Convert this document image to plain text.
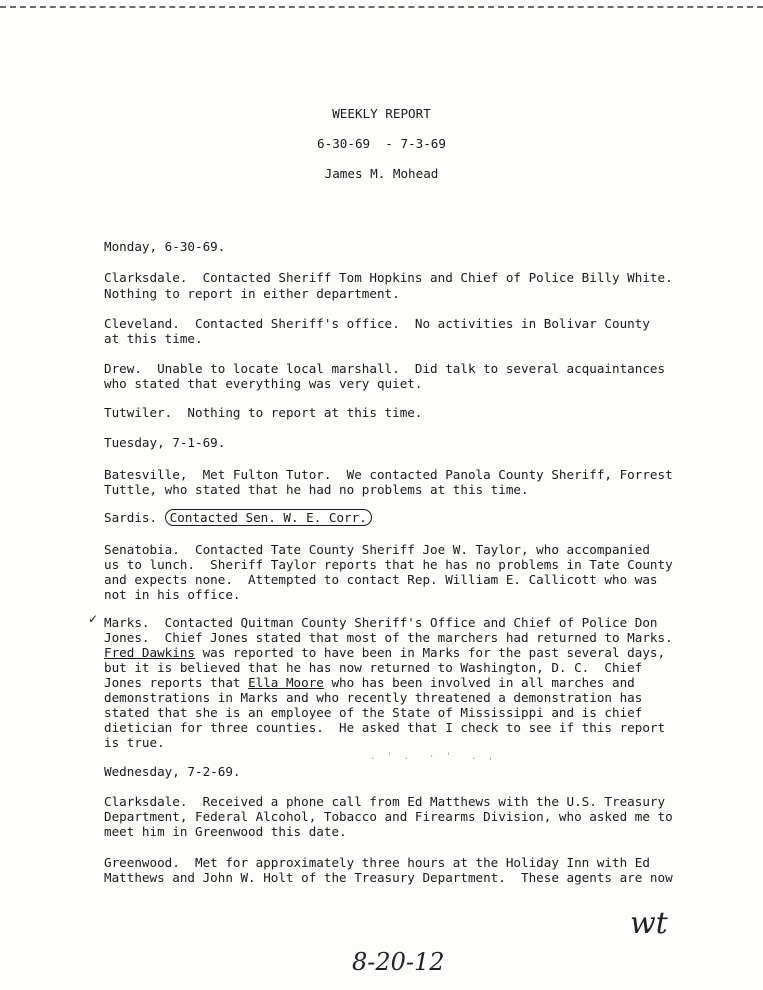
WEEKLY REPORT
6-30-69  - 7-3-69
James M. Mohead
Monday, 6-30-69.
Clarksdale.  Contacted Sheriff Tom Hopkins and Chief of Police Billy White.
Nothing to report in either department.
Cleveland.  Contacted Sheriff's office.  No activities in Bolivar County
at this time.
Drew.  Unable to locate local marshall.  Did talk to several acquaintances
who stated that everything was very quiet.
Tutwiler.  Nothing to report at this time.
Tuesday, 7-1-69.
Batesville,  Met Fulton Tutor.  We contacted Panola County Sheriff, Forrest
Tuttle, who stated that he had no problems at this time.
Sardis. Contacted Sen. W. E. Corr.
Senatobia.  Contacted Tate County Sheriff Joe W. Taylor, who accompanied
us to lunch.  Sheriff Taylor reports that he has no problems in Tate County
and expects none.  Attempted to contact Rep. William E. Callicott who was
not in his office.
✓ Marks.  Contacted Quitman County Sheriff's Office and Chief of Police Don
Jones.  Chief Jones stated that most of the marchers had returned to Marks.
Fred Dawkins was reported to have been in Marks for the past several days,
but it is believed that he has now returned to Washington, D. C.  Chief
Jones reports that Ella Moore who has been involved in all marches and
demonstrations in Marks and who recently threatened a demonstration has
stated that she is an employee of the State of Mississippi and is chief
dietician for three counties.  He asked that I check to see if this report
is true.
. ' .  · '  . ,
Wednesday, 7-2-69.
Clarksdale.  Received a phone call from Ed Matthews with the U.S. Treasury
Department, Federal Alcohol, Tobacco and Firearms Division, who asked me to
meet him in Greenwood this date.
Greenwood.  Met for approximately three hours at the Holiday Inn with Ed
Matthews and John W. Holt of the Treasury Department.  These agents are now
wt
8-20-12
